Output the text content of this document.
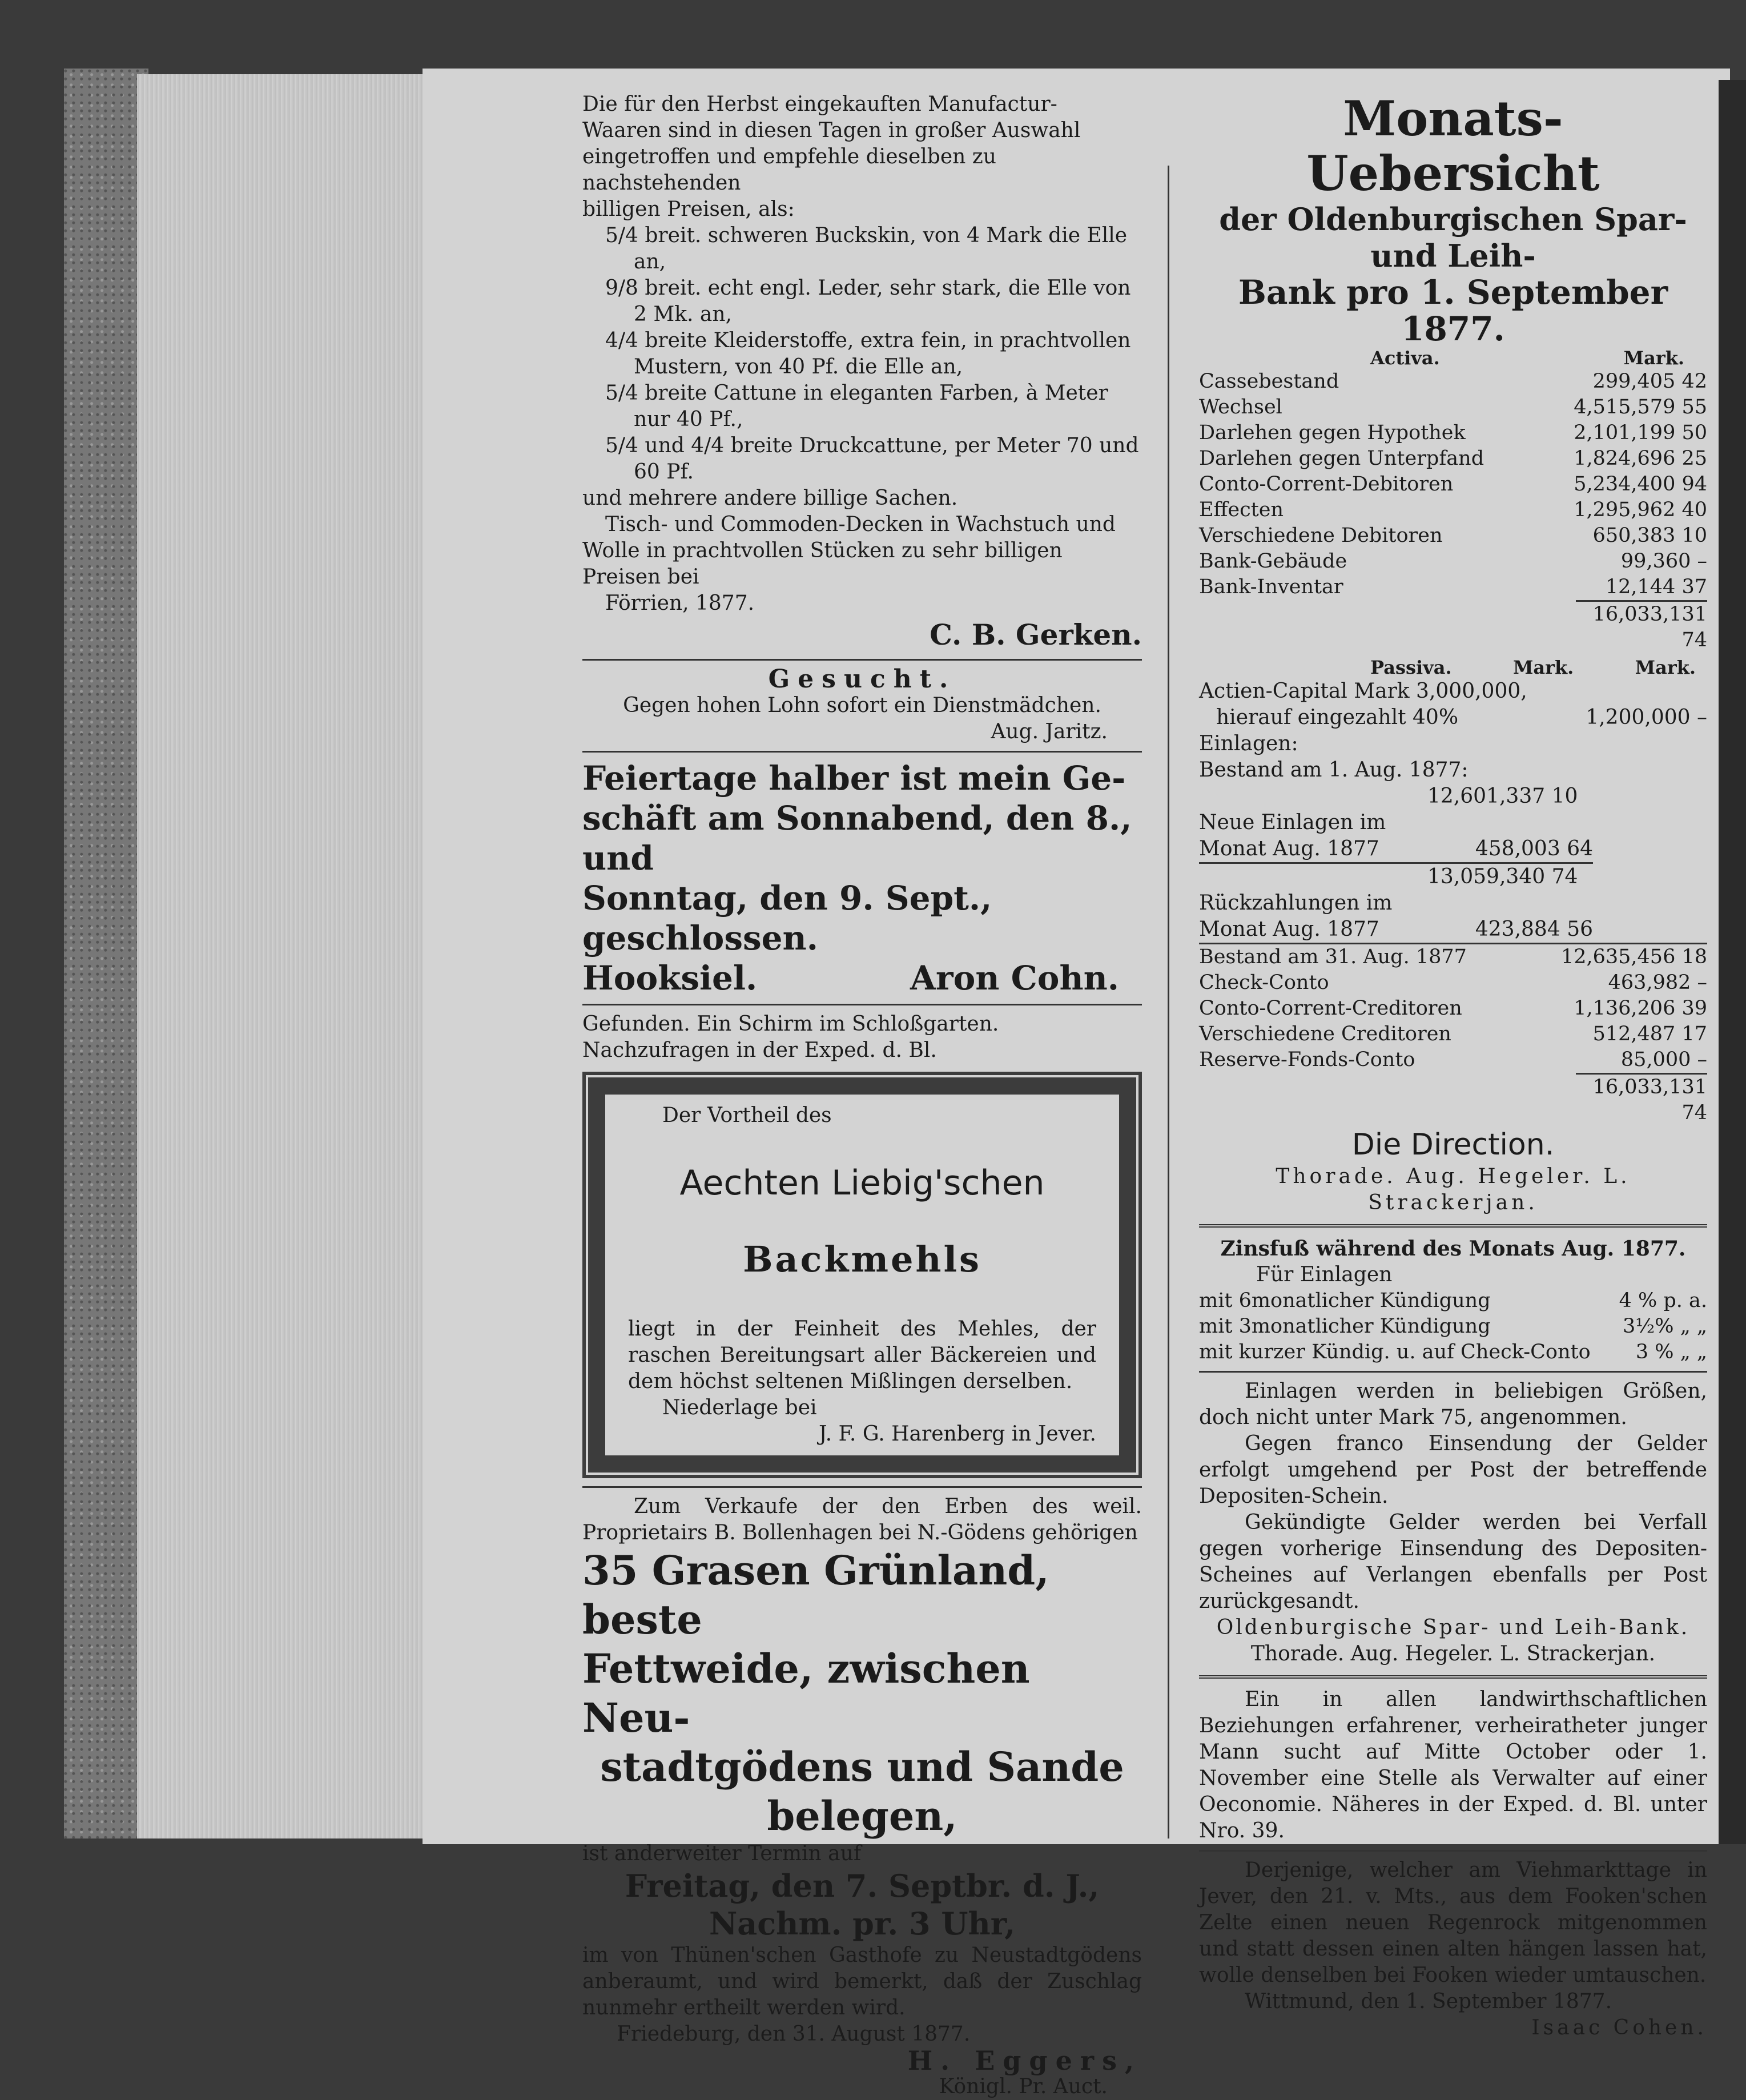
Die für den Herbst eingekauften Manufactur-

Waaren sind in diesen Tagen in großer Auswahl

eingetroffen und empfehle dieselben zu nachstehenden

billigen Preisen, als:

5/4 breit. schweren Buckskin, von 4 Mark die Elle an,

9/8 breit. echt engl. Leder, sehr stark, die Elle von 2 Mk. an,

4/4 breite Kleiderstoffe, extra fein, in prachtvollen Mustern, von 40 Pf. die Elle an,

5/4 breite Cattune in eleganten Farben, à Meter nur 40 Pf.,

5/4 und 4/4 breite Druckcattune, per Meter 70 und 60 Pf.

und mehrere andere billige Sachen.

Tisch- und Commoden-Decken in Wachstuch und Wolle in prachtvollen Stücken zu sehr billigen Preisen bei

Förrien, 1877.

C. B. Gerken.

Gesucht.

Gegen hohen Lohn sofort ein Dienstmädchen.

Aug. Jaritz.

Feiertage halber ist mein Ge-

schäft am Sonnabend, den 8., und

Sonntag, den 9. Sept., geschlossen.

Hooksiel.	Aron Cohn.

Gefunden. Ein Schirm im Schloßgarten.

Nachzufragen in der Exped. d. Bl.

Der Vortheil des

Aechten Liebig'schen

Backmehls

liegt in der Feinheit des Mehles, der raschen Bereitungsart aller Bäckereien und dem höchst seltenen Mißlingen derselben.

Niederlage bei

J. F. G. Harenberg in Jever.

Zum Verkaufe der den Erben des weil. Proprietairs B. Bollenhagen bei N.-Gödens gehörigen

35 Grasen Grünland, beste

Fettweide, zwischen Neu-

stadtgödens und Sande

belegen,

ist anderweiter Termin auf

Freitag, den 7. Septbr. d. J.,

Nachm. pr. 3 Uhr,

im von Thünen'schen Gasthofe zu Neustadtgödens anberaumt, und wird bemerkt, daß der Zuschlag nunmehr ertheilt werden wird.

Friedeburg, den 31. August 1877.

H. Eggers,

Königl. Pr. Auct.

Monats-Uebersicht
der Oldenburgischen Spar- und Leih-
Bank pro 1. September 1877.
Activa.	Mark.
Cassebestand	299,405 42
Wechsel	4,515,579 55
Darlehen gegen Hypothek	2,101,199 50
Darlehen gegen Unterpfand	1,824,696 25
Conto-Corrent-Debitoren	5,234,400 94
Effecten	1,295,962 40
Verschiedene Debitoren	650,383 10
Bank-Gebäude	99,360 –
Bank-Inventar	12,144 37
16,033,131 74
Passiva.	Mark.	Mark.

Actien-Capital Mark 3,000,000,

hierauf eingezahlt 40%	1,200,000 –

Einlagen:

Bestand am 1. Aug. 1877:

12,601,337 10

Neue Einlagen im

Monat Aug. 1877	458,003 64

13,059,340 74

Rückzahlungen im

Monat Aug. 1877	423,884 56
Bestand am 31. Aug. 1877	12,635,456 18
Check-Conto	463,982 –
Conto-Corrent-Creditoren	1,136,206 39
Verschiedene Creditoren	512,487 17
Reserve-Fonds-Conto	85,000 –
16,033,131 74

Die Direction.

Thorade. Aug. Hegeler. L. Strackerjan.

Zinsfuß während des Monats Aug. 1877.

Für Einlagen

mit 6monatlicher Kündigung	4 % p. a.
mit 3monatlicher Kündigung	3½% „ „
mit kurzer Kündig. u. auf Check-Conto	3 % „ „

Einlagen werden in beliebigen Größen, doch nicht unter Mark 75, angenommen.

Gegen franco Einsendung der Gelder erfolgt umgehend per Post der betreffende Depositen-Schein.

Gekündigte Gelder werden bei Verfall gegen vorherige Einsendung des Depositen-Scheines auf Verlangen ebenfalls per Post zurückgesandt.

Oldenburgische Spar- und Leih-Bank.

Thorade. Aug. Hegeler. L. Strackerjan.

Ein in allen landwirthschaftlichen Beziehungen erfahrener, verheiratheter junger Mann sucht auf Mitte October oder 1. November eine Stelle als Verwalter auf einer Oeconomie. Näheres in der Exped. d. Bl. unter Nro. 39.

Derjenige, welcher am Viehmarkttage in Jever, den 21. v. Mts., aus dem Fooken'schen Zelte einen neuen Regenrock mitgenommen und statt dessen einen alten hängen lassen hat, wolle denselben bei Fooken wieder umtauschen.

Wittmund, den 1. September 1877.

Isaac Cohen.
